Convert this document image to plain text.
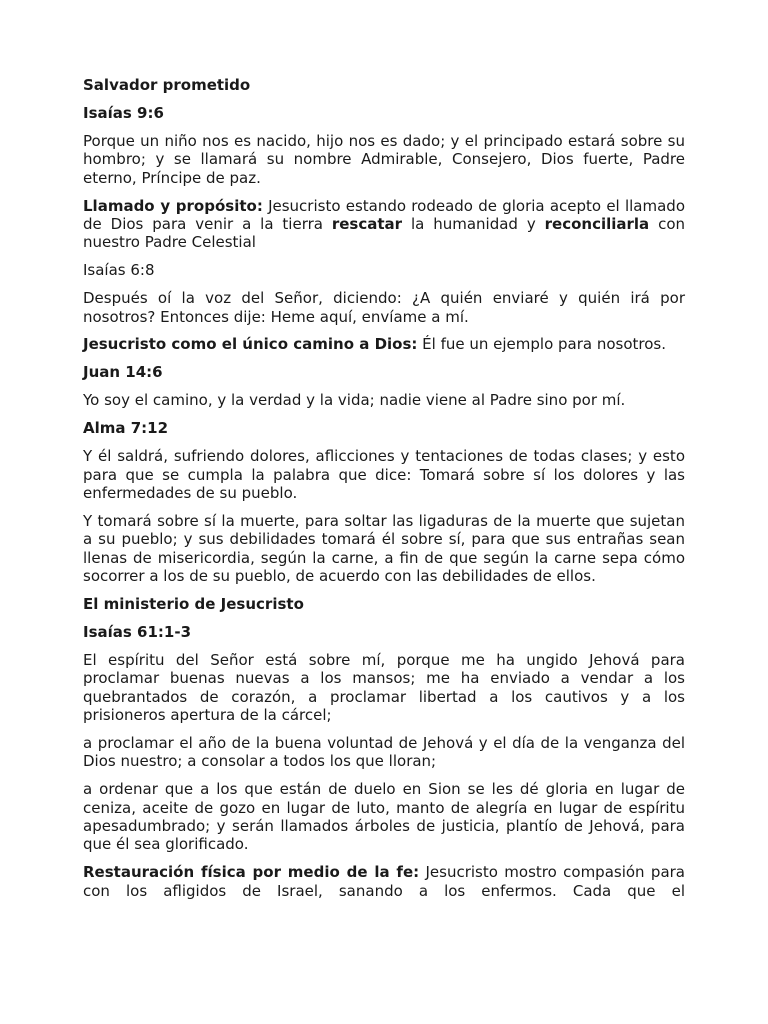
Salvador prometido

Isaías 9:6

Porque un niño nos es nacido, hijo nos es dado; y el principado estará sobre su hombro; y se llamará su nombre Admirable, Consejero, Dios fuerte, Padre eterno, Príncipe de paz.

Llamado y propósito: Jesucristo estando rodeado de gloria acepto el llamado de Dios para venir a la tierra rescatar la humanidad y reconciliarla con nuestro Padre Celestial

Isaías 6:8

Después oí la voz del Señor, diciendo: ¿A quién enviaré y quién irá por nosotros? Entonces dije: Heme aquí, envíame a mí.

Jesucristo como el único camino a Dios: Él fue un ejemplo para nosotros.

Juan 14:6

Yo soy el camino, y la verdad y la vida; nadie viene al Padre sino por mí.

Alma 7:12

Y él saldrá, sufriendo dolores, aflicciones y tentaciones de todas clases; y esto para que se cumpla la palabra que dice: Tomará sobre sí los dolores y las enfermedades de su pueblo.

Y tomará sobre sí la muerte, para soltar las ligaduras de la muerte que sujetan a su pueblo; y sus debilidades tomará él sobre sí, para que sus entrañas sean llenas de misericordia, según la carne, a fin de que según la carne sepa cómo socorrer a los de su pueblo, de acuerdo con las debilidades de ellos.

El ministerio de Jesucristo

Isaías 61:1-3

El espíritu del Señor está sobre mí, porque me ha ungido Jehová para proclamar buenas nuevas a los mansos; me ha enviado a vendar a los quebrantados de corazón, a proclamar libertad a los cautivos y a los prisioneros apertura de la cárcel;

a proclamar el año de la buena voluntad de Jehová y el día de la venganza del Dios nuestro; a consolar a todos los que lloran;

a ordenar que a los que están de duelo en Sion se les dé gloria en lugar de ceniza, aceite de gozo en lugar de luto, manto de alegría en lugar de espíritu apesadumbrado; y serán llamados árboles de justicia, plantío de Jehová, para que él sea glorificado.

Restauración física por medio de la fe: Jesucristo mostro compasión para con los afligidos de Israel, sanando a los enfermos. Cada que el
